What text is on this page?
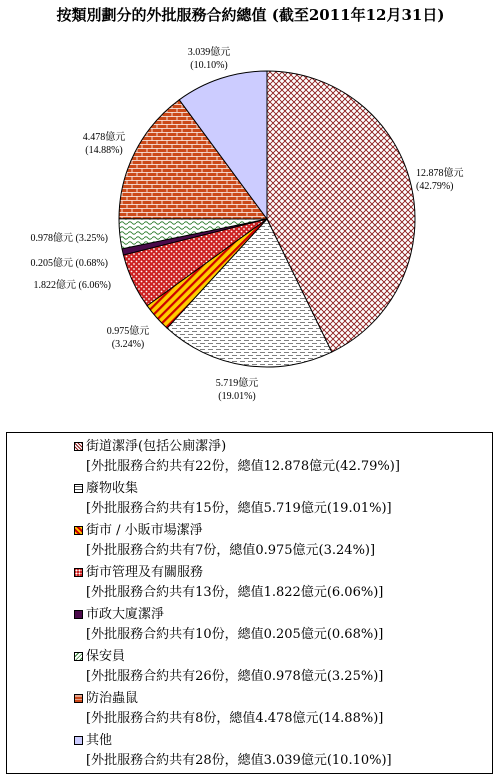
按類別劃分的外批服務合約總值 (截至2011年12月31日)
12.878億元
(42.79%)
5.719億元
(19.01%)
0.975億元
(3.24%)
1.822億元 (6.06%)
0.205億元 (0.68%)
0.978億元 (3.25%)
4.478億元
(14.88%)
3.039億元
(10.10%)
街道潔淨(包括公廁潔淨)
[外批服務合約共有22份，總值12.878億元(42.79%)]
廢物收集
[外批服務合約共有15份，總值5.719億元(19.01%)]
街市 / 小販市場潔淨
[外批服務合約共有7份，總值0.975億元(3.24%)]
街市管理及有關服務
[外批服務合約共有13份，總值1.822億元(6.06%)]
市政大廈潔淨
[外批服務合約共有10份，總值0.205億元(0.68%)]
保安員
[外批服務合約共有26份，總值0.978億元(3.25%)]
防治蟲鼠
[外批服務合約共有8份，總值4.478億元(14.88%)]
其他
[外批服務合約共有28份，總值3.039億元(10.10%)]
